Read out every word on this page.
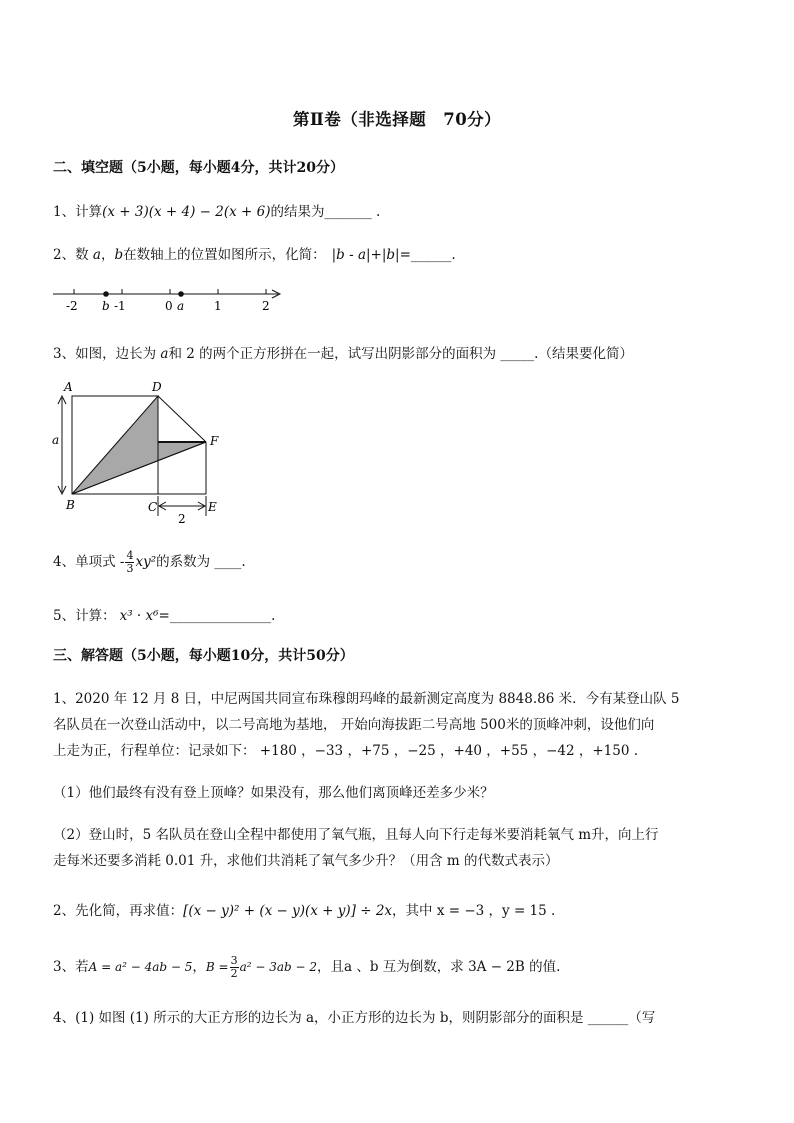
第Ⅱ卷（非选择题　70分）
二、填空题（5小题，每小题4分，共计20分）
1、计算(x + 3)(x + 4) − 2(x + 6)的结果为_______ .
2、数 a，b在数轴上的位置如图所示，化简： |b - a|+|b|=______.
-2 b -1	0 a 1	2
3、如图，边长为 a和 2 的两个正方形拼在一起，试写出阴影部分的面积为 _____.（结果要化简）
A	D
F
B	C	E
a
2
4、单项式 - $\frac{4}{3} xy^2$的系数为 ____.
5、计算： x³ · x⁶=_______________.
三、解答题（5小题，每小题10分，共计50分）
1、2020 年 12 月 8 日，中尼两国共同宣布珠穆朗玛峰的最新测定高度为 8848.86 米．今有某登山队 5
名队员在一次登山活动中，以二号高地为基地， 开始向海拔距二号高地 500米的顶峰冲刺，设他们向
上走为正，行程单位：记录如下： +180 ，−33 ，+75 ，−25 ，+40 ，+55 ，−42 ，+150 .
（1）他们最终有没有登上顶峰？如果没有，那么他们离顶峰还差多少米？
（2）登山时，5 名队员在登山全程中都使用了氧气瓶，且每人向下行走每米要消耗氧气 m升，向上行
走每米还要多消耗 0.01 升，求他们共消耗了氧气多少升？（用含 m 的代数式表示）
2、先化简，再求值：[(x − y)² + (x − y)(x + y)] ÷ 2x，其中 x = −3 ，y = 15 .
3、若A = a² − 4ab − 5，$B = \frac{3}{2} a^2 - 3ab - 2$，且a 、b 互为倒数，求 3A − 2B 的值.
4、(1) 如图 (1) 所示的大正方形的边长为 a，小正方形的边长为 b，则阴影部分的面积是 ______（写
